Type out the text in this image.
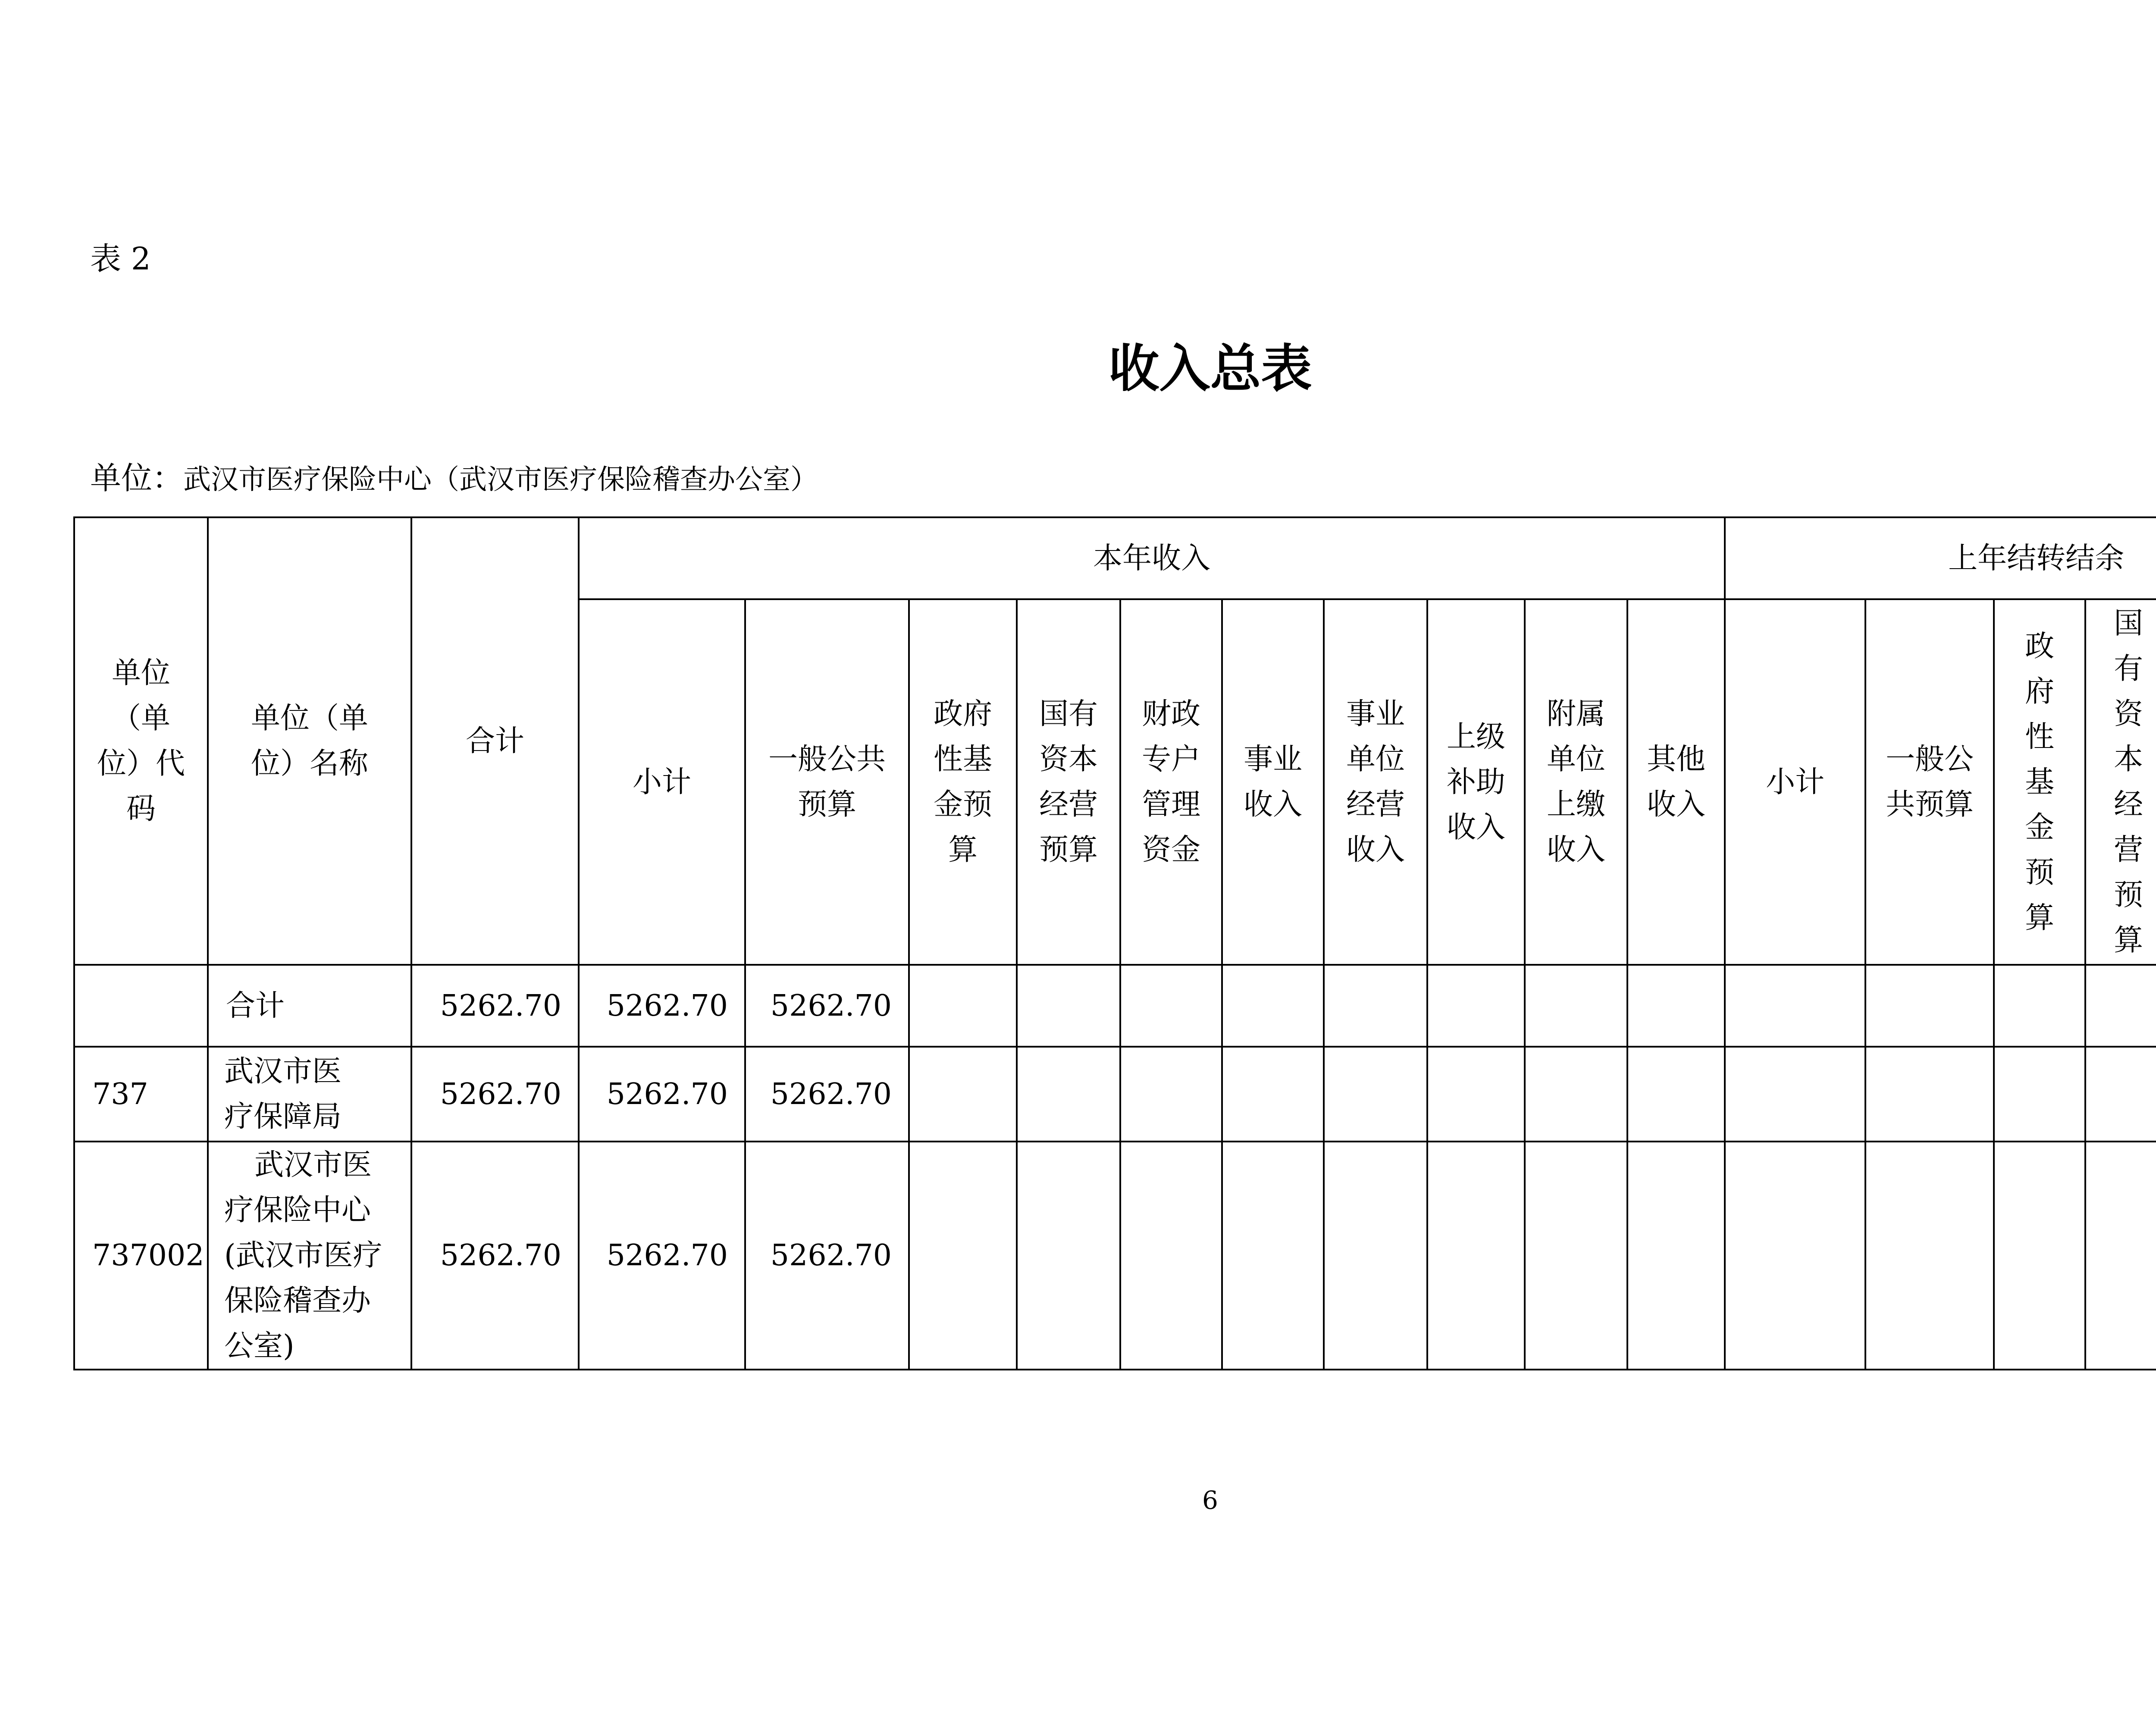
表 2
收入总表
单位：武汉市医疗保险中心（武汉市医疗保险稽查办公室）
单位（单位）代码	单位（单位）名称	合计	本年收入										上年结转结余					

			小计	一般公共预算	政府性基金预算	国有资本经营预算	财政专户管理资金	事业收入	事业单位经营收入	上级补助收入	附属单位上缴收入	其他收入	小计	一般公共预算	政府性基金预算	国有资本经营预算

	合计	5262.70	5262.70	5262.70														
737	武汉市医疗保障局	5262.70	5262.70	5262.70														
737002	武汉市医疗保险中心(武汉市医疗保险稽查办公室)	5262.70	5262.70	5262.70														
6
